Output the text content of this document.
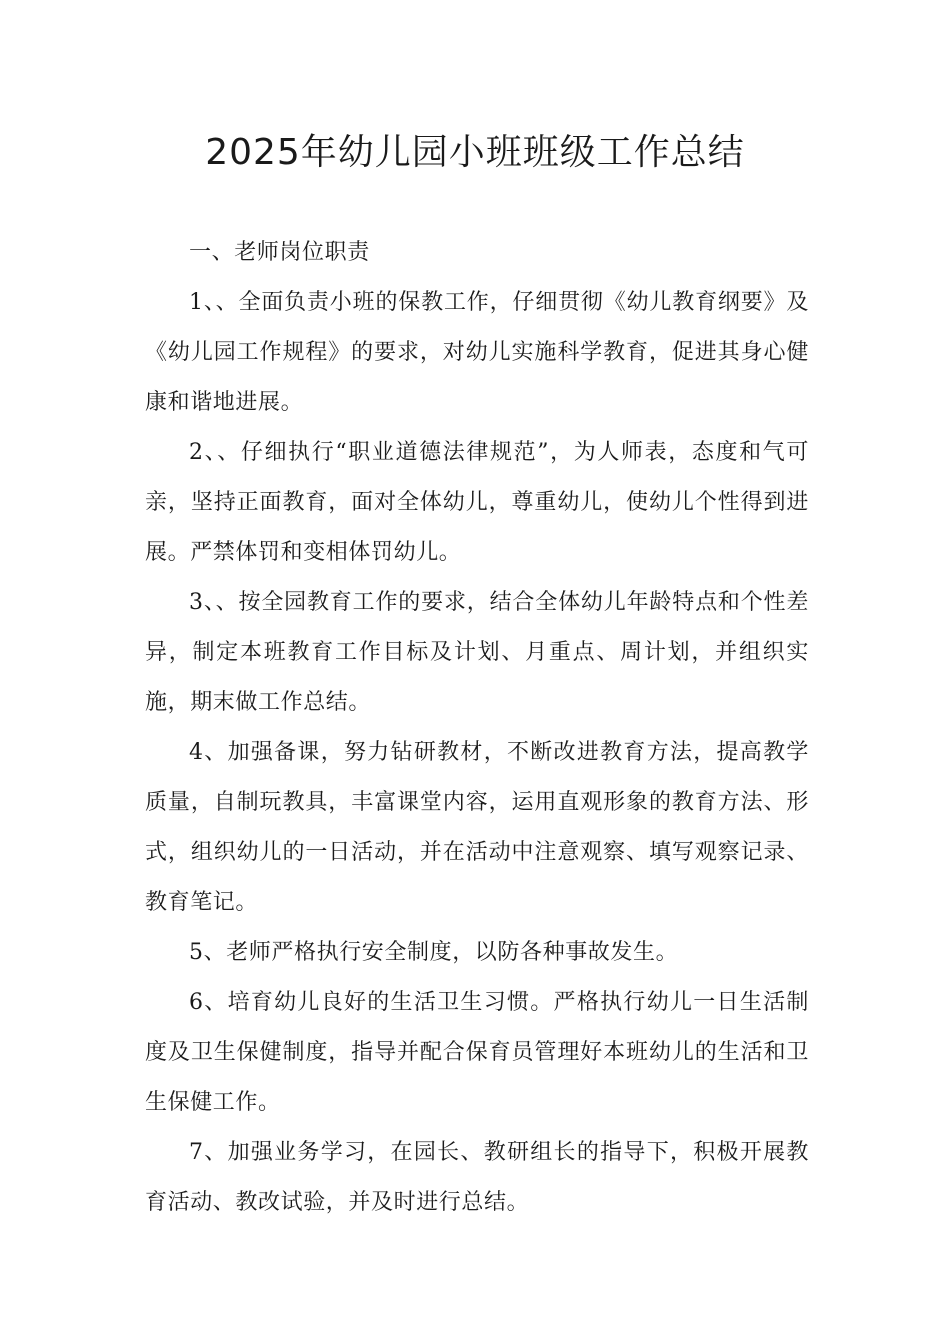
2025年幼儿园小班班级工作总结

一、老师岗位职责

1、、全面负责小班的保教工作，仔细贯彻《幼儿教育纲要》及《幼儿园工作规程》的要求，对幼儿实施科学教育，促进其身心健康和谐地进展。

2、、仔细执行“职业道德法律规范”，为人师表，态度和气可亲，坚持正面教育，面对全体幼儿，尊重幼儿，使幼儿个性得到进展。严禁体罚和变相体罚幼儿。

3、、按全园教育工作的要求，结合全体幼儿年龄特点和个性差异，制定本班教育工作目标及计划、月重点、周计划，并组织实施，期末做工作总结。

4、加强备课，努力钻研教材，不断改进教育方法，提高教学质量，自制玩教具，丰富课堂内容，运用直观形象的教育方法、形式，组织幼儿的一日活动，并在活动中注意观察、填写观察记录、教育笔记。

5、老师严格执行安全制度，以防各种事故发生。

6、培育幼儿良好的生活卫生习惯。严格执行幼儿一日生活制度及卫生保健制度，指导并配合保育员管理好本班幼儿的生活和卫生保健工作。

7、加强业务学习，在园长、教研组长的指导下，积极开展教育活动、教改试验，并及时进行总结。
